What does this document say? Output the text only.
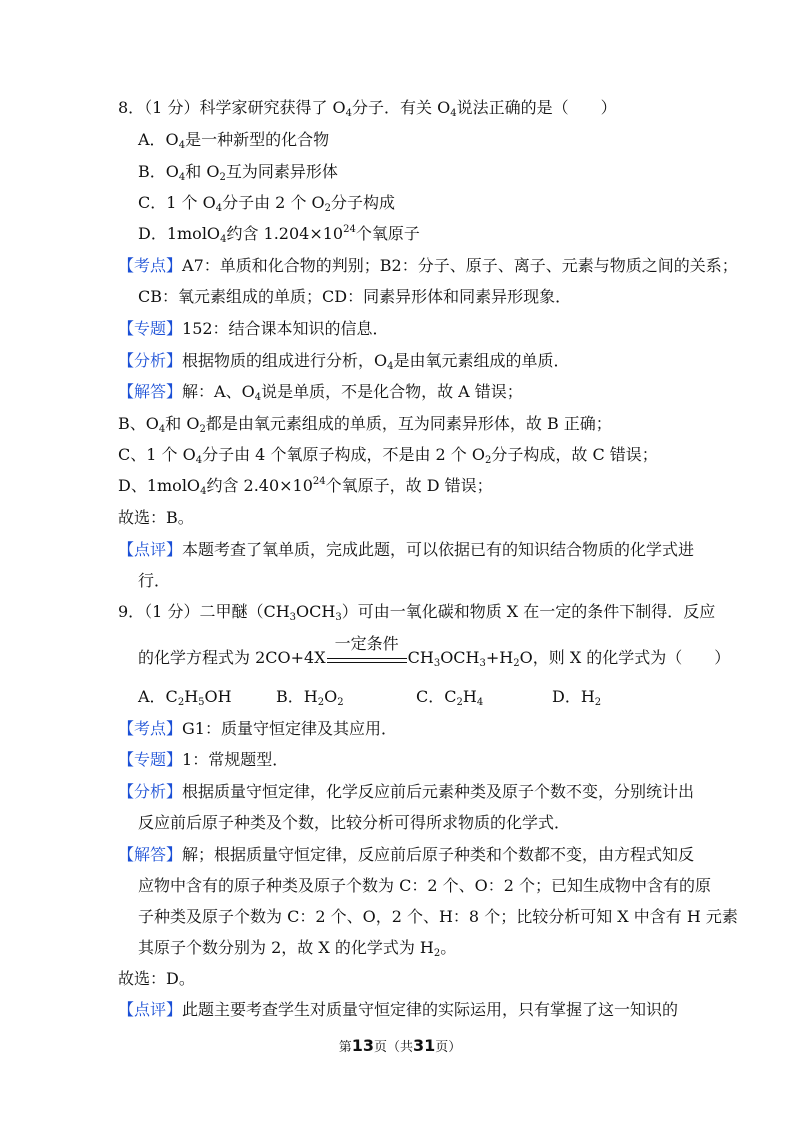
8．（1 分）科学家研究获得了 $O_4$分子．有关 $O_4$说法正确的是（　　）
A．$O_4$是一种新型的化合物
B．$O_4$和 $O_2$互为同素异形体
C．1 个 $O_4$分子由 2 个 $O_2$分子构成
D．1molO$_4$约含 $1.204\times 10^{24}$个氧原子
【考点】A7：单质和化合物的判别；B2：分子、原子、离子、元素与物质之间的关系；
CB：氧元素组成的单质；CD：同素异形体和同素异形现象．
【专题】152：结合课本知识的信息．
【分析】根据物质的组成进行分析，$O_4$是由氧元素组成的单质．
【解答】解：A、$O_4$说是单质，不是化合物，故 A 错误；
B、$O_4$和 $O_2$都是由氧元素组成的单质，互为同素异形体，故 B 正确；
C、1 个 $O_4$分子由 4 个氧原子构成，不是由 2 个 $O_2$分子构成，故 C 错误；
D、1molO$_4$约含 $2.40\times 10^{24}$个氧原子，故 D 错误；
故选：B。
【点评】本题考查了氧单质，完成此题，可以依据已有的知识结合物质的化学式进
行．
9．（1 分）二甲醚$(CH_3OCH_3)$可由一氧化碳和物质 X 在一定的条件下制得．反应
的化学方程式为 2CO+4X
一定条件
$CH_3OCH_3+H_2O$，则 X 的化学式为（　　）
A．$C_2H_5OH$	B．$H_2O_2$	C．$C_2H_4$	D．$H_2$
【考点】G1：质量守恒定律及其应用．
【专题】1：常规题型．
【分析】根据质量守恒定律，化学反应前后元素种类及原子个数不变，分别统计出
反应前后原子种类及个数，比较分析可得所求物质的化学式．
【解答】解；根据质量守恒定律，反应前后原子种类和个数都不变，由方程式知反
应物中含有的原子种类及原子个数为 C：2 个、O：2 个；已知生成物中含有的原
子种类及原子个数为 C：2 个、O，2 个、H：8 个；比较分析可知 X 中含有 H 元素
其原子个数分别为 2，故 X 的化学式为 $H_2$。
故选：D。
【点评】此题主要考查学生对质量守恒定律的实际运用，只有掌握了这一知识的
第13页（共31页）
